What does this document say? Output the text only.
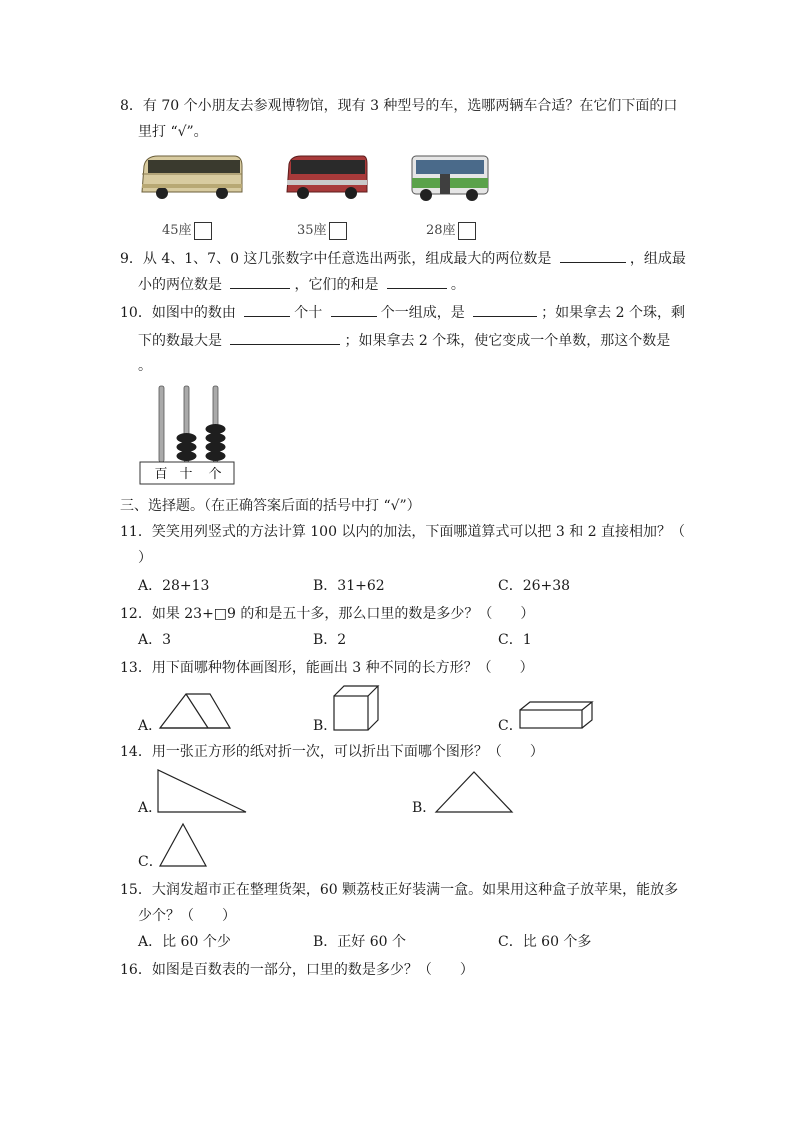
8．有 70 个小朋友去参观博物馆，现有 3 种型号的车，选哪两辆车合适？在它们下面的口
里打 “√”。
45座	35座	28座
9．从 4、1、7、0 这几张数字中任意选出两张，组成最大的两位数是	，组成最
小的两位数是	，它们的和是	。
10．如图中的数由	个十	个一组成，是	；如果拿去 2 个珠，剩
下的数最大是	；如果拿去 2 个珠，使它变成一个单数，那这个数是
。
百 十 个
三、选择题。（在正确答案后面的括号中打 “√”）
11．笑笑用列竖式的方法计算 100 以内的加法，下面哪道算式可以把 3 和 2 直接相加？（
）
A．28+13	B．31+62	C．26+38
12．如果 23+□9 的和是五十多，那么口里的数是多少？（　　）
A．3	B．2	C．1
13．用下面哪种物体画图形，能画出 3 种不同的长方形？（　　）
A．	B．	C．
14．用一张正方形的纸对折一次，可以折出下面哪个图形？（　　）
A．	B．
C．
15．大润发超市正在整理货架，60 颗荔枝正好装满一盒。如果用这种盒子放苹果，能放多
少个？（　　）
A．比 60 个少	B．正好 60 个	C．比 60 个多
16．如图是百数表的一部分，口里的数是多少？（　　）
